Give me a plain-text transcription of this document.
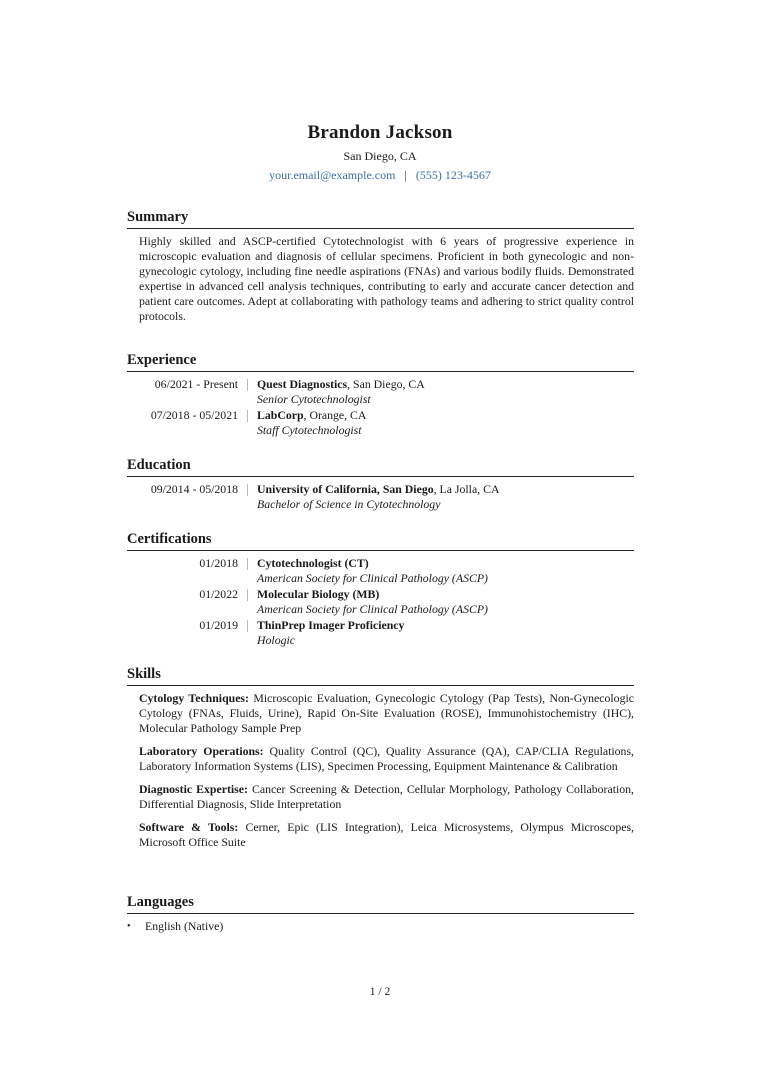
Brandon Jackson
San Diego, CA
your.email@example.com | (555) 123-4567
Summary
Highly skilled and ASCP-certified Cytotechnologist with 6 years of progressive experience in microscopic evaluation and diagnosis of cellular specimens. Proficient in both gynecologic and non-gynecologic cytology, including fine needle aspirations (FNAs) and various bodily fluids. Demonstrated expertise in advanced cell analysis techniques, contributing to early and accurate cancer detection and patient care outcomes. Adept at collaborating with pathology teams and adhering to strict quality control protocols.
Experience
06/2021 - Present Quest Diagnostics, San Diego, CA
Senior Cytotechnologist
07/2018 - 05/2021 LabCorp, Orange, CA
Staff Cytotechnologist
Education
09/2014 - 05/2018 University of California, San Diego, La Jolla, CA
Bachelor of Science in Cytotechnology
Certifications
01/2018 Cytotechnologist (CT)
American Society for Clinical Pathology (ASCP)
01/2022 Molecular Biology (MB)
American Society for Clinical Pathology (ASCP)
01/2019 ThinPrep Imager Proficiency
Hologic
Skills
Cytology Techniques: Microscopic Evaluation, Gynecologic Cytology (Pap Tests), Non-Gynecologic Cytology (FNAs, Fluids, Urine), Rapid On-Site Evaluation (ROSE), Immunohistochemistry (IHC), Molecular Pathology Sample Prep
Laboratory Operations: Quality Control (QC), Quality Assurance (QA), CAP/CLIA Regulations, Laboratory Information Systems (LIS), Specimen Processing, Equipment Maintenance & Calibration
Diagnostic Expertise: Cancer Screening & Detection, Cellular Morphology, Pathology Collaboration, Differential Diagnosis, Slide Interpretation
Software & Tools: Cerner, Epic (LIS Integration), Leica Microsystems, Olympus Microscopes, Microsoft Office Suite
Languages
• English (Native)
1 / 2
